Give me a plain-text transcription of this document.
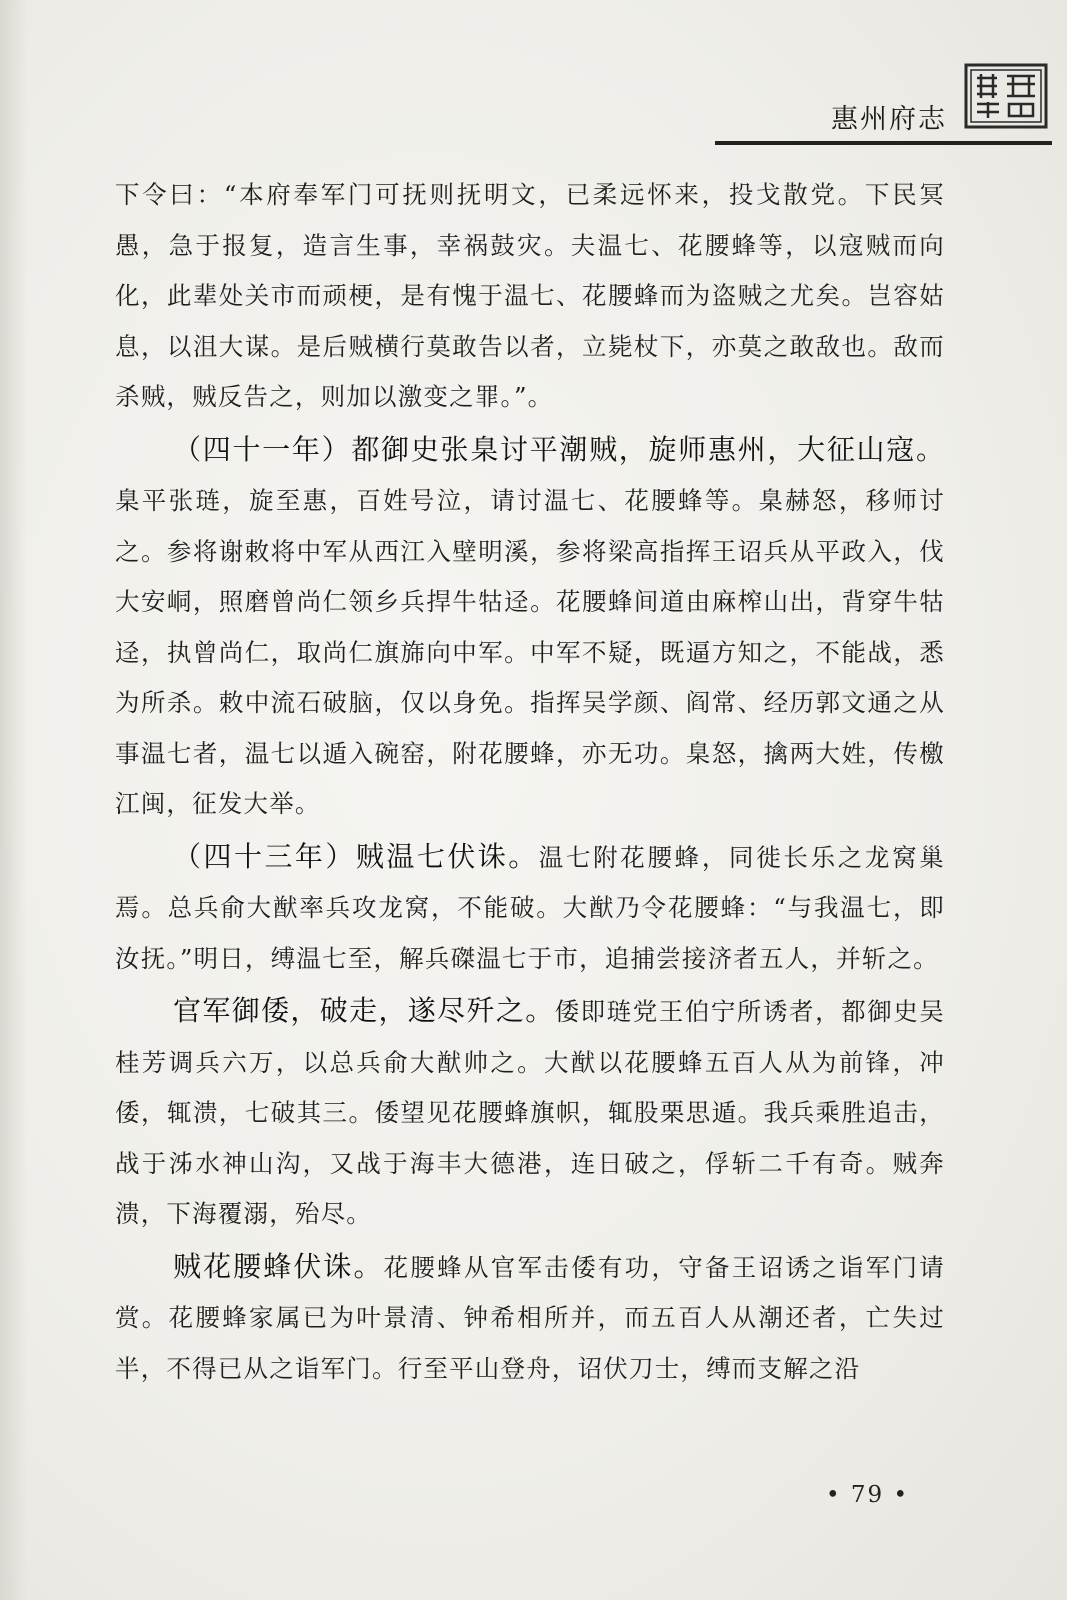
惠州府志

下令曰：“本府奉军门可抚则抚明文，已柔远怀来，投戈散党。下民冥愚，急于报复，造言生事，幸祸鼓灾。夫温七、花腰蜂等，以寇贼而向化，此辈处关市而顽梗，是有愧于温七、花腰蜂而为盗贼之尤矣。岂容姑息，以沮大谋。是后贼横行莫敢告以者，立毙杖下，亦莫之敢敌也。敌而杀贼，贼反告之，则加以激变之罪。”。

（四十一年）都御史张臬讨平潮贼，旋师惠州，大征山寇。臬平张琏，旋至惠，百姓号泣，请讨温七、花腰蜂等。臬赫怒，移师讨之。参将谢敕将中军从西江入壁明溪，参将梁高指挥王诏兵从平政入，伐大安峒，照磨曾尚仁领乡兵捍牛牯迳。花腰蜂间道由麻榨山出，背穿牛牯迳，执曾尚仁，取尚仁旗旆向中军。中军不疑，既逼方知之，不能战，悉为所杀。敕中流石破脑，仅以身免。指挥吴学颜、阎常、经历郭文通之从事温七者，温七以遁入碗窑，附花腰蜂，亦无功。臬怒，擒两大姓，传檄江闽，征发大举。

（四十三年）贼温七伏诛。温七附花腰蜂，同徙长乐之龙窝巢焉。总兵俞大猷率兵攻龙窝，不能破。大猷乃令花腰蜂：“与我温七，即汝抚。”明日，缚温七至，解兵磔温七于市，追捕尝接济者五人，并斩之。

官军御倭，破走，遂尽歼之。倭即琏党王伯宁所诱者，都御史吴桂芳调兵六万，以总兵俞大猷帅之。大猷以花腰蜂五百人从为前锋，冲倭，辄溃，七破其三。倭望见花腰蜂旗帜，辄股栗思遁。我兵乘胜追击，战于泲水神山沟，又战于海丰大德港，连日破之，俘斩二千有奇。贼奔溃，下海覆溺，殆尽。

贼花腰蜂伏诛。花腰蜂从官军击倭有功，守备王诏诱之诣军门请赏。花腰蜂家属已为叶景清、钟希相所并，而五百人从潮还者，亡失过半，不得已从之诣军门。行至平山登舟，诏伏刀士，缚而支解之沿

• 79 •
